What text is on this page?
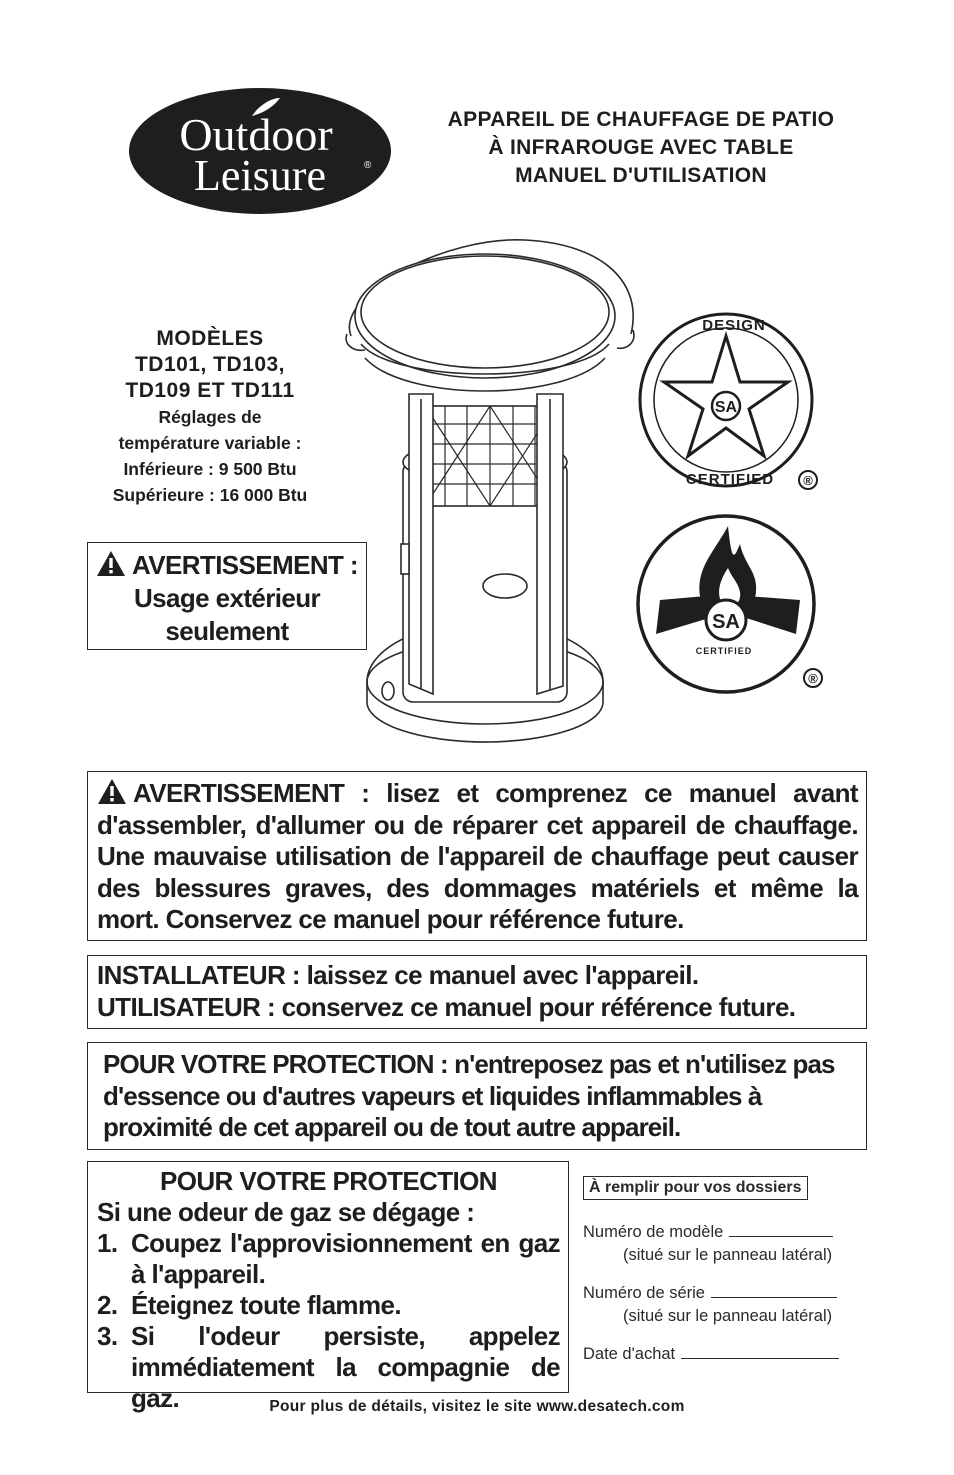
Outdoor
Leisure	®
APPAREIL DE CHAUFFAGE DE PATIO
À INFRAROUGE AVEC TABLE
MANUEL D'UTILISATION
MODÈLES
TD101, TD103,
TD109 ET TD111
Réglages de
température variable :
Inférieure : 9 500 Btu
Supérieure : 16 000 Btu
AVERTISSEMENT :
Usage extérieur
seulement
SA
DESIGN
CERTIFIED ®
SA
CERTIFIED
®
AVERTISSEMENT : lisez et comprenez ce manuel avant d'assembler, d'allumer ou de réparer cet appareil de chauffage. Une mauvaise utilisation de l'appareil de chauffage peut causer des blessures graves, des dommages matériels et même la mort. Conservez ce manuel pour référence future.
INSTALLATEUR : laissez ce manuel avec l'appareil.
UTILISATEUR : conservez ce manuel pour référence future.
POUR VOTRE PROTECTION : n'entreposez pas et n'utilisez pas d'essence ou d'autres vapeurs et liquides inflammables à proximité de cet appareil ou de tout autre appareil.
POUR VOTRE PROTECTION
Si une odeur de gaz se dégage :
1. Coupez l'approvisionnement en gaz à l'appareil.
2. Éteignez toute flamme.
3. Si l'odeur persiste, appelez immédiatement la compagnie de gaz.
À remplir pour vos dossiers
Numéro de modèle
(situé sur le panneau latéral)
Numéro de série
(situé sur le panneau latéral)
Date d'achat
Pour plus de détails, visitez le site www.desatech.com
